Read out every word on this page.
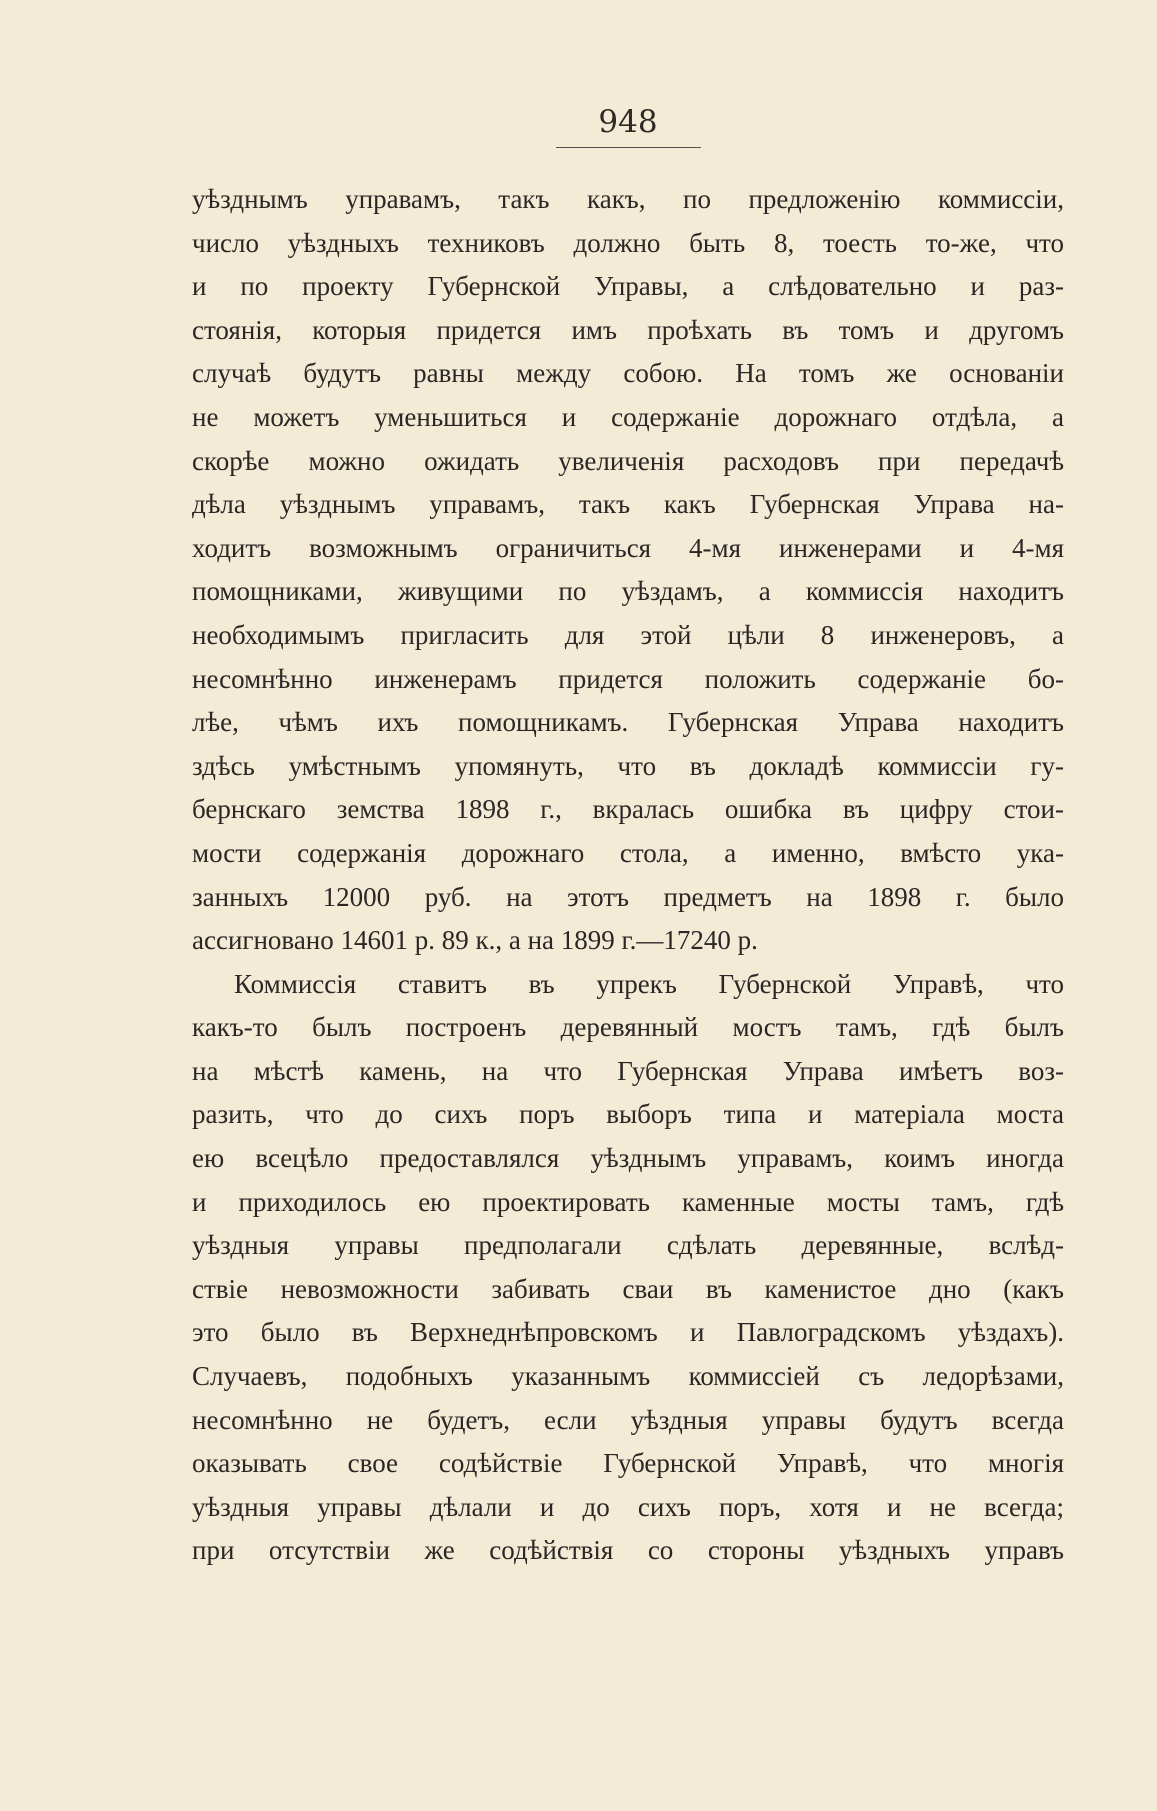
948
уѣзднымъ управамъ, такъ какъ, по предложенію коммиссіи,
число уѣздныхъ техниковъ должно быть 8, тоесть то-же, что
и по проекту Губернской Управы, а слѣдовательно и раз-
стоянія, которыя придется имъ проѣхать въ томъ и другомъ
случаѣ будутъ равны между собою. На томъ же основаніи
не можетъ уменьшиться и содержаніе дорожнаго отдѣла, а
скорѣе можно ожидать увеличенія расходовъ при передачѣ
дѣла уѣзднымъ управамъ, такъ какъ Губернская Управа на-
ходитъ возможнымъ ограничиться 4-мя инженерами и 4-мя
помощниками, живущими по уѣздамъ, а коммиссія находитъ
необходимымъ пригласить для этой цѣли 8 инженеровъ, а
несомнѣнно инженерамъ придется положить содержаніе бо-
лѣе, чѣмъ ихъ помощникамъ. Губернская Управа находитъ
здѣсь умѣстнымъ упомянуть, что въ докладѣ коммиссіи гу-
бернскаго земства 1898 г., вкралась ошибка въ цифру стои-
мости содержанія дорожнаго стола, а именно, вмѣсто ука-
занныхъ 12000 руб. на этотъ предметъ на 1898 г. было
ассигновано 14601 р. 89 к., а на 1899 г.—17240 р.
Коммиссія ставитъ въ упрекъ Губернской Управѣ, что
какъ-то былъ построенъ деревянный мостъ тамъ, гдѣ былъ
на мѣстѣ камень, на что Губернская Управа имѣетъ воз-
разить, что до сихъ поръ выборъ типа и матеріала моста
ею всецѣло предоставлялся уѣзднымъ управамъ, коимъ иногда
и приходилось ею проектировать каменные мосты тамъ, гдѣ
уѣздныя управы предполагали сдѣлать деревянные, вслѣд-
ствіе невозможности забивать сваи въ каменистое дно (какъ
это было въ Верхнеднѣпровскомъ и Павлоградскомъ уѣздахъ).
Случаевъ, подобныхъ указаннымъ коммиссіей съ ледорѣзами,
несомнѣнно не будетъ, если уѣздныя управы будутъ всегда
оказывать свое содѣйствіе Губернской Управѣ, что многія
уѣздныя управы дѣлали и до сихъ поръ, хотя и не всегда;
при отсутствіи же содѣйствія со стороны уѣздныхъ управъ
